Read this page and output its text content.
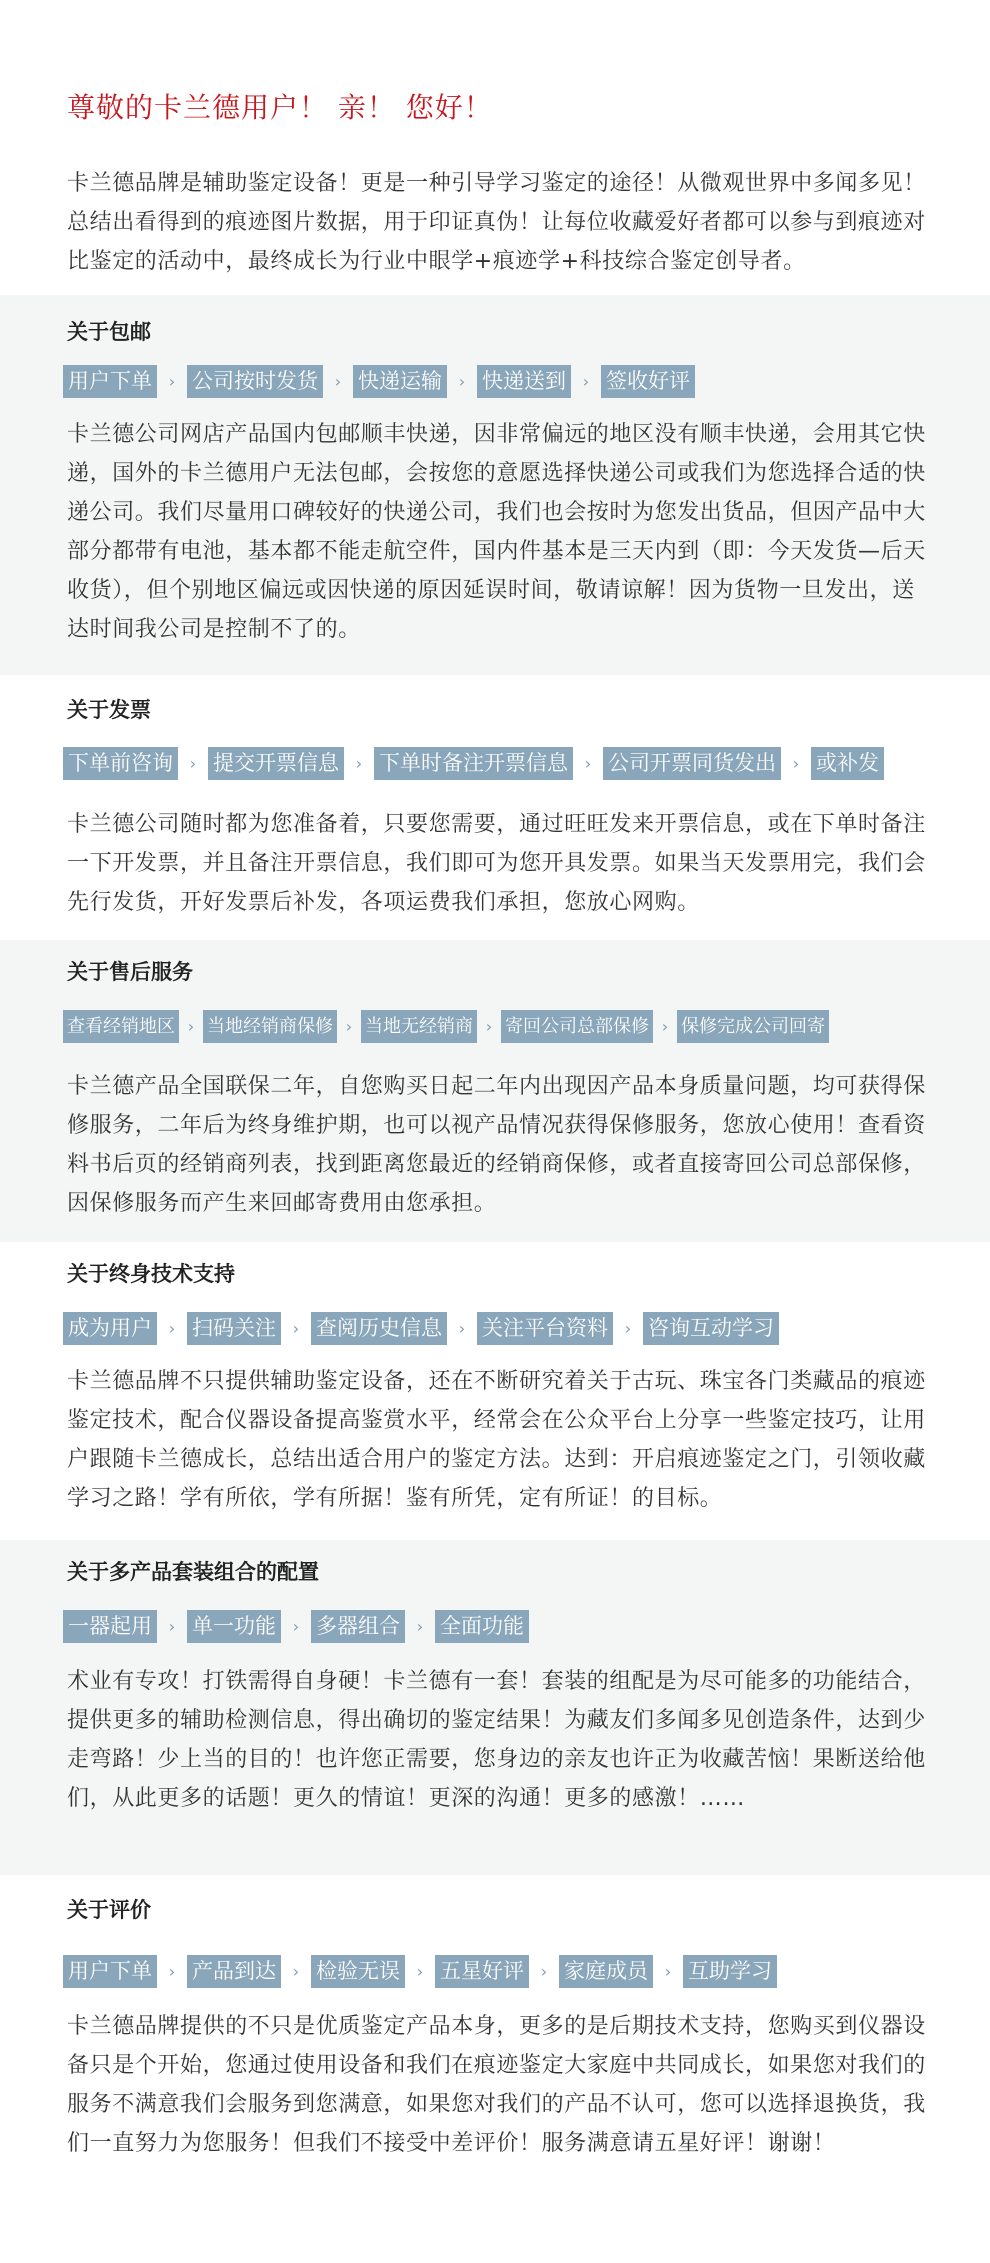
尊敬的卡兰德用户！ 亲！ 您好！

卡兰德品牌是辅助鉴定设备！更是一种引导学习鉴定的途径！从微观世界中多闻多见！总结出看得到的痕迹图片数据，用于印证真伪！让每位收藏爱好者都可以参与到痕迹对比鉴定的活动中，最终成长为行业中眼学+痕迹学+科技综合鉴定创导者。

关于包邮
用户下单	› 公司按时发货	› 快递运输	› 快递送到	› 签收好评

卡兰德公司网店产品国内包邮顺丰快递，因非常偏远的地区没有顺丰快递，会用其它快递，国外的卡兰德用户无法包邮，会按您的意愿选择快递公司或我们为您选择合适的快递公司。我们尽量用口碑较好的快递公司，我们也会按时为您发出货品，但因产品中大部分都带有电池，基本都不能走航空件，国内件基本是三天内到（即：今天发货—后天收货），但个别地区偏远或因快递的原因延误时间，敬请谅解！因为货物一旦发出，送达时间我公司是控制不了的。

关于发票
下单前咨询	› 提交开票信息	› 下单时备注开票信息	› 公司开票同货发出	› 或补发

卡兰德公司随时都为您准备着，只要您需要，通过旺旺发来开票信息，或在下单时备注一下开发票，并且备注开票信息，我们即可为您开具发票。如果当天发票用完，我们会先行发货，开好发票后补发，各项运费我们承担，您放心网购。

关于售后服务
查看经销地区 › 当地经销商保修 › 当地无经销商 › 寄回公司总部保修 › 保修完成公司回寄

卡兰德产品全国联保二年，自您购买日起二年内出现因产品本身质量问题，均可获得保修服务，二年后为终身维护期，也可以视产品情况获得保修服务，您放心使用！查看资料书后页的经销商列表，找到距离您最近的经销商保修，或者直接寄回公司总部保修，因保修服务而产生来回邮寄费用由您承担。

关于终身技术支持
成为用户	› 扫码关注	› 查阅历史信息	› 关注平台资料	› 咨询互动学习

卡兰德品牌不只提供辅助鉴定设备，还在不断研究着关于古玩、珠宝各门类藏品的痕迹鉴定技术，配合仪器设备提高鉴赏水平，经常会在公众平台上分享一些鉴定技巧，让用户跟随卡兰德成长，总结出适合用户的鉴定方法。达到：开启痕迹鉴定之门，引领收藏学习之路！学有所依，学有所据！鉴有所凭，定有所证！的目标。

关于多产品套装组合的配置
一器起用	› 单一功能	› 多器组合	› 全面功能

术业有专攻！打铁需得自身硬！卡兰德有一套！套装的组配是为尽可能多的功能结合，提供更多的辅助检测信息，得出确切的鉴定结果！为藏友们多闻多见创造条件，达到少走弯路！少上当的目的！也许您正需要，您身边的亲友也许正为收藏苦恼！果断送给他们，从此更多的话题！更久的情谊！更深的沟通！更多的感激！……

关于评价
用户下单	› 产品到达	› 检验无误	› 五星好评	› 家庭成员	› 互助学习

卡兰德品牌提供的不只是优质鉴定产品本身，更多的是后期技术支持，您购买到仪器设备只是个开始，您通过使用设备和我们在痕迹鉴定大家庭中共同成长，如果您对我们的服务不满意我们会服务到您满意，如果您对我们的产品不认可，您可以选择退换货，我们一直努力为您服务！但我们不接受中差评价！服务满意请五星好评！谢谢！
